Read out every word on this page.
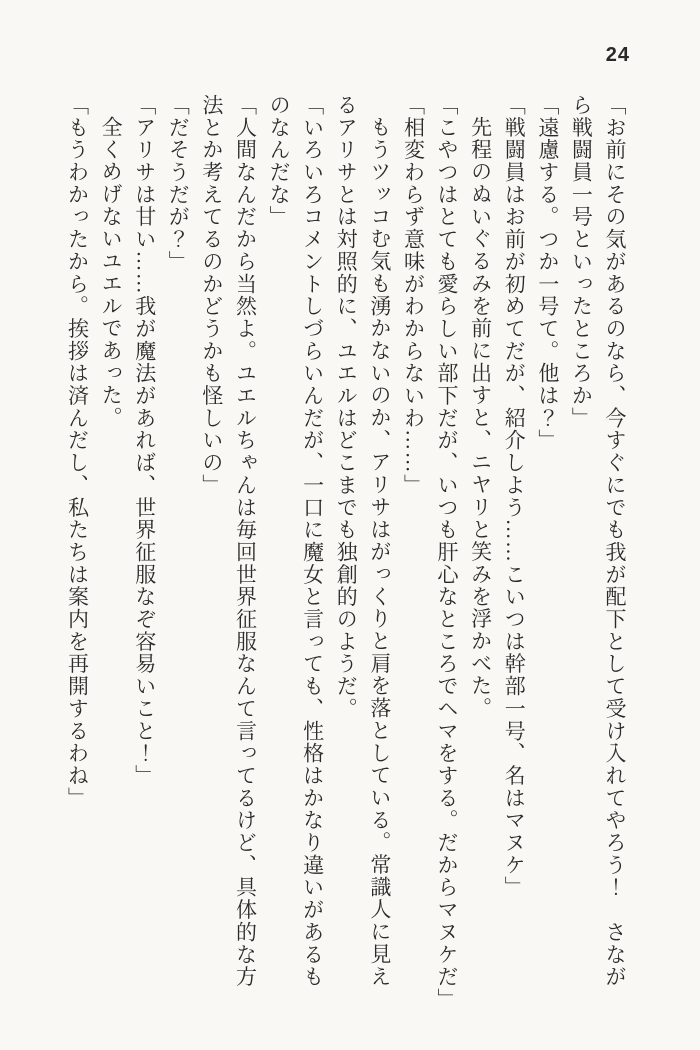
24
「お前にその気があるのなら、今すぐにでも我が配下として受け入れてやろう！　さなが
ら戦闘員一号といったところか」
「遠慮する。つか一号て。他は？」
「戦闘員はお前が初めてだが、紹介しよう……こいつは幹部一号、名はマヌケ」
先程のぬいぐるみを前に出すと、ニヤリと笑みを浮かべた。
「こやつはとても愛らしい部下だが、いつも肝心なところでヘマをする。だからマヌケだ」
「相変わらず意味がわからないわ……」
もうツッコむ気も湧かないのか、アリサはがっくりと肩を落としている。常識人に見え
るアリサとは対照的に、ユエルはどこまでも独創的のようだ。
「いろいろコメントしづらいんだが、一口に魔女と言っても、性格はかなり違いがあるも
のなんだな」
「人間なんだから当然よ。ユエルちゃんは毎回世界征服なんて言ってるけど、具体的な方
法とか考えてるのかどうかも怪しいの」
「だそうだが？」
「アリサは甘い……我が魔法があれば、世界征服なぞ容易いこと！」
全くめげないユエルであった。
「もうわかったから。挨拶は済んだし、私たちは案内を再開するわね」
